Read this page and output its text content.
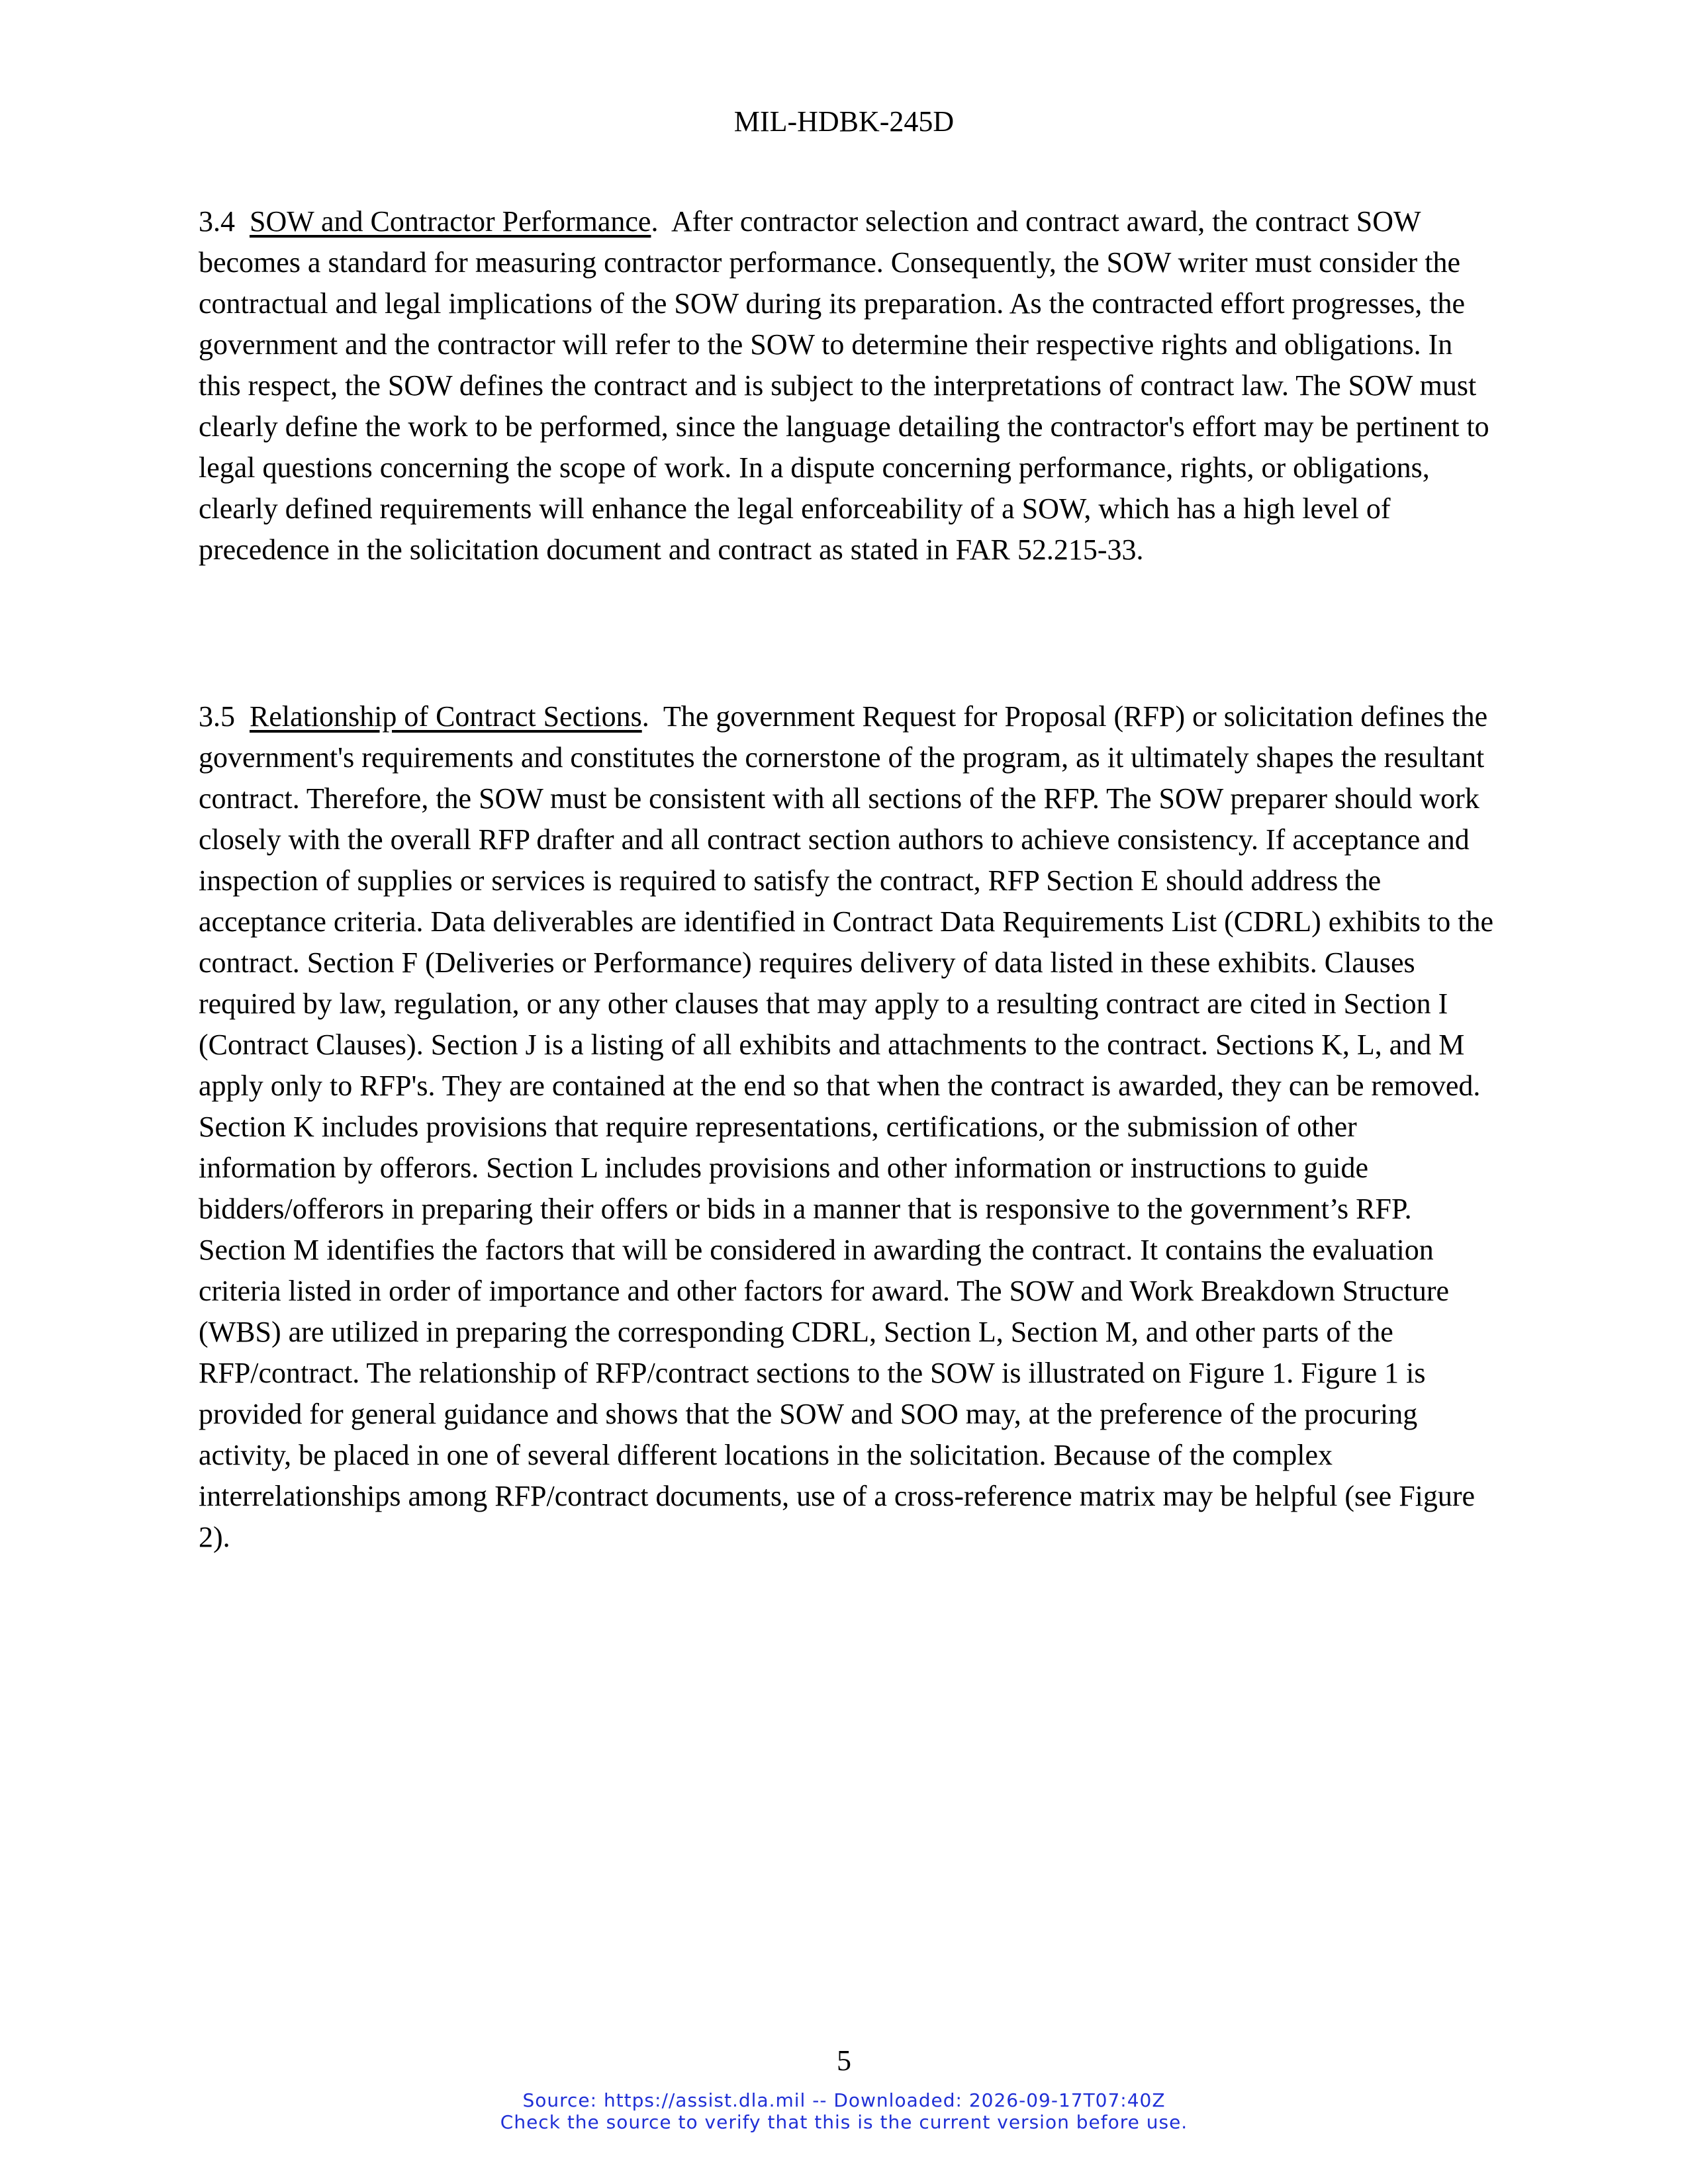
MIL-HDBK-245D

3.4 SOW and Contractor Performance.  After contractor selection and contract award, the contract SOW becomes a standard for measuring contractor performance. Consequently, the SOW writer must consider the contractual and legal implications of the SOW during its preparation. As the contracted effort progresses, the government and the contractor will refer to the SOW to determine their respective rights and obligations. In this respect, the SOW defines the contract and is subject to the interpretations of contract law. The SOW must clearly define the work to be performed, since the language detailing the contractor's effort may be pertinent to legal questions concerning the scope of work. In a dispute concerning performance, rights, or obligations, clearly defined requirements will enhance the legal enforceability of a SOW, which has a high level of precedence in the solicitation document and contract as stated in FAR 52.215-33.

3.5 Relationship of Contract Sections.  The government Request for Proposal (RFP) or solicitation defines the government's requirements and constitutes the cornerstone of the program, as it ultimately shapes the resultant contract. Therefore, the SOW must be consistent with all sections of the RFP. The SOW preparer should work closely with the overall RFP drafter and all contract section authors to achieve consistency. If acceptance and inspection of supplies or services is required to satisfy the contract, RFP Section E should address the acceptance criteria. Data deliverables are identified in Contract Data Requirements List (CDRL) exhibits to the contract. Section F (Deliveries or Performance) requires delivery of data listed in these exhibits. Clauses required by law, regulation, or any other clauses that may apply to a resulting contract are cited in Section I (Contract Clauses). Section J is a listing of all exhibits and attachments to the contract. Sections K, L, and M apply only to RFP's. They are contained at the end so that when the contract is awarded, they can be removed. Section K includes provisions that require representations, certifications, or the submission of other information by offerors. Section L includes provisions and other information or instructions to guide bidders/offerors in preparing their offers or bids in a manner that is responsive to the government’s RFP. Section M identifies the factors that will be considered in awarding the contract. It contains the evaluation criteria listed in order of importance and other factors for award. The SOW and Work Breakdown Structure (WBS) are utilized in preparing the corresponding CDRL, Section L, Section M, and other parts of the RFP/contract. The relationship of RFP/contract sections to the SOW is illustrated on Figure 1. Figure 1 is provided for general guidance and shows that the SOW and SOO may, at the preference of the procuring activity, be placed in one of several different locations in the solicitation. Because of the complex interrelationships among RFP/contract documents, use of a cross-reference matrix may be helpful (see Figure 2).

5
Source: https://assist.dla.mil -- Downloaded: 2026-09-17T07:40Z
Check the source to verify that this is the current version before use.
